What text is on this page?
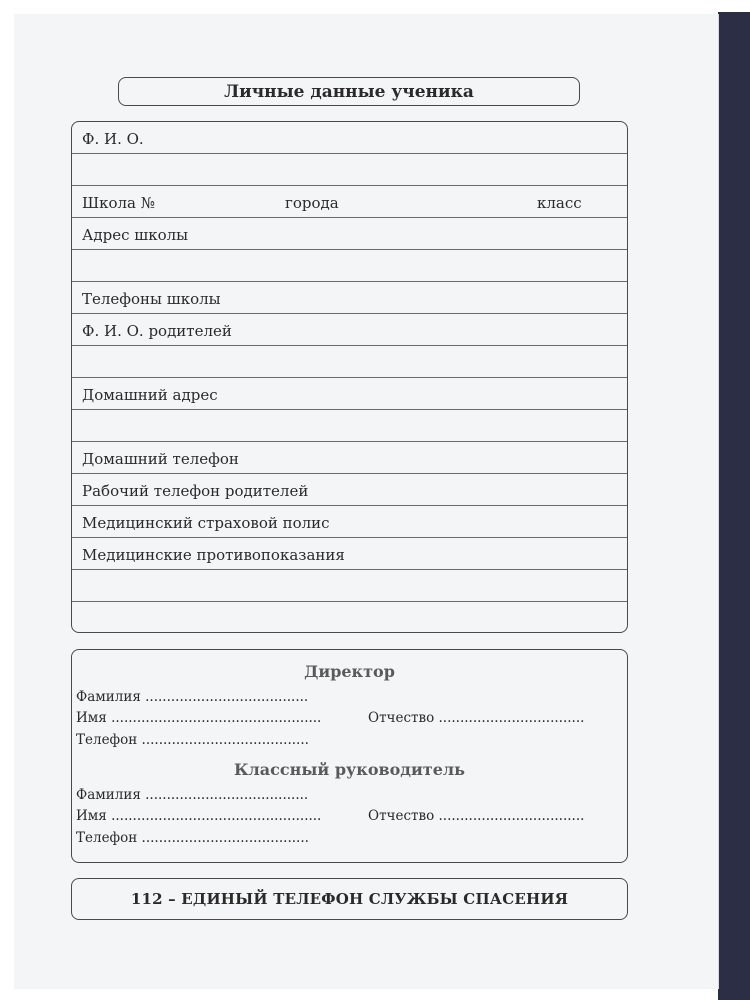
Личные данные ученика
Ф. И. О.
Школа №	города	класс
Адрес школы
Телефоны школы
Ф. И. О. родителей
Домашний адрес
Домашний телефон
Рабочий телефон родителей
Медицинский страховой полис
Медицинские противопоказания
Директор
Фамилия ......................................
Имя .................................................	Отчество ..................................
Телефон .......................................
Классный руководитель
Фамилия ......................................
Имя .................................................	Отчество ..................................
Телефон .......................................
112 – ЕДИНЫЙ ТЕЛЕФОН СЛУЖБЫ СПАСЕНИЯ
